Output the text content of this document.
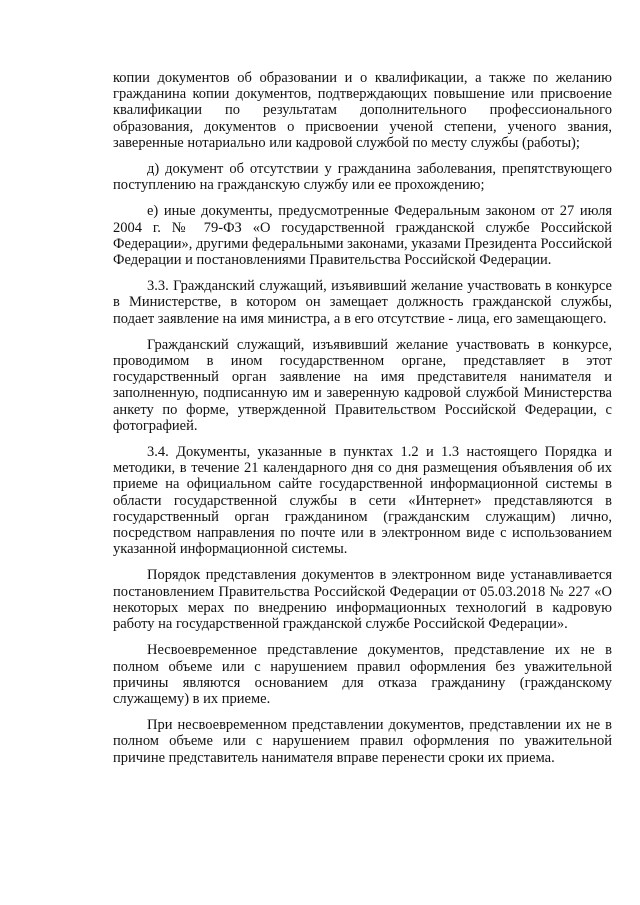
копии документов об образовании и о квалификации, а также по желанию гражданина копии документов, подтверждающих повышение или присвоение квалификации по результатам дополнительного профессионального образования, документов о присвоении ученой степени, ученого звания, заверенные нотариально или кадровой службой по месту службы (работы);

д) документ об отсутствии у гражданина заболевания, препятствующего поступлению на гражданскую службу или ее прохождению;

е) иные документы, предусмотренные Федеральным законом от 27 июля 2004 г. № 79-ФЗ «О государственной гражданской службе Российской Федерации», другими федеральными законами, указами Президента Российской Федерации и постановлениями Правительства Российской Федерации.

3.3. Гражданский служащий, изъявивший желание участвовать в конкурсе в Министерстве, в котором он замещает должность гражданской службы, подает заявление на имя министра, а в его отсутствие - лица, его замещающего.

Гражданский служащий, изъявивший желание участвовать в конкурсе, проводимом в ином государственном органе, представляет в этот государственный орган заявление на имя представителя нанимателя и заполненную, подписанную им и заверенную кадровой службой Министерства анкету по форме, утвержденной Правительством Российской Федерации, с фотографией.

3.4. Документы, указанные в пунктах 1.2 и 1.3 настоящего Порядка и методики, в течение 21 календарного дня со дня размещения объявления об их приеме на официальном сайте государственной информационной системы в области государственной службы в сети «Интернет» представляются в государственный орган гражданином (гражданским служащим) лично, посредством направления по почте или в электронном виде с использованием указанной информационной системы.

Порядок представления документов в электронном виде устанавливается постановлением Правительства Российской Федерации от 05.03.2018 № 227 «О некоторых мерах по внедрению информационных технологий в кадровую работу на государственной гражданской службе Российской Федерации».

Несвоевременное представление документов, представление их не в полном объеме или с нарушением правил оформления без уважительной причины являются основанием для отказа гражданину (гражданскому служащему) в их приеме.

При несвоевременном представлении документов, представлении их не в полном объеме или с нарушением правил оформления по уважительной причине представитель нанимателя вправе перенести сроки их приема.
